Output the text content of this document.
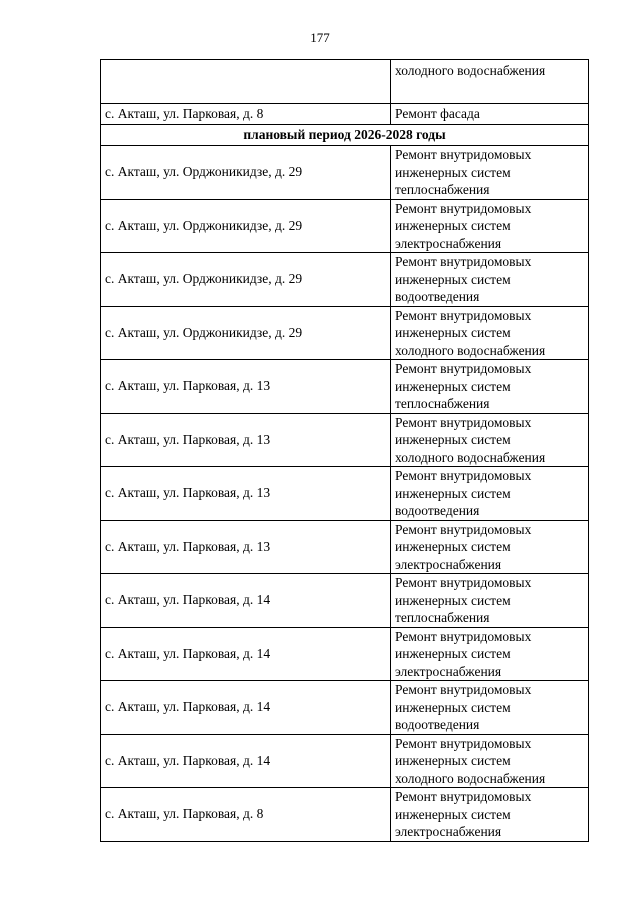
177

	холодного водоснабжения

с. Акташ, ул. Парковая, д. 8	Ремонт фасада
плановый период 2026-2028 годы	
с. Акташ, ул. Орджоникидзе, д. 29	Ремонт внутридомовых
инженерных систем
теплоснабжения

с. Акташ, ул. Орджоникидзе, д. 29	Ремонт внутридомовых
инженерных систем
электроснабжения

с. Акташ, ул. Орджоникидзе, д. 29	Ремонт внутридомовых
инженерных систем
водоотведения

с. Акташ, ул. Орджоникидзе, д. 29	Ремонт внутридомовых
инженерных систем
холодного водоснабжения

с. Акташ, ул. Парковая, д. 13	Ремонт внутридомовых
инженерных систем
теплоснабжения

с. Акташ, ул. Парковая, д. 13	Ремонт внутридомовых
инженерных систем
холодного водоснабжения

с. Акташ, ул. Парковая, д. 13	Ремонт внутридомовых
инженерных систем
водоотведения

с. Акташ, ул. Парковая, д. 13	Ремонт внутридомовых
инженерных систем
электроснабжения

с. Акташ, ул. Парковая, д. 14	Ремонт внутридомовых
инженерных систем
теплоснабжения

с. Акташ, ул. Парковая, д. 14	Ремонт внутридомовых
инженерных систем
электроснабжения

с. Акташ, ул. Парковая, д. 14	Ремонт внутридомовых
инженерных систем
водоотведения

с. Акташ, ул. Парковая, д. 14	Ремонт внутридомовых
инженерных систем
холодного водоснабжения

с. Акташ, ул. Парковая, д. 8	Ремонт внутридомовых
инженерных систем
электроснабжения
